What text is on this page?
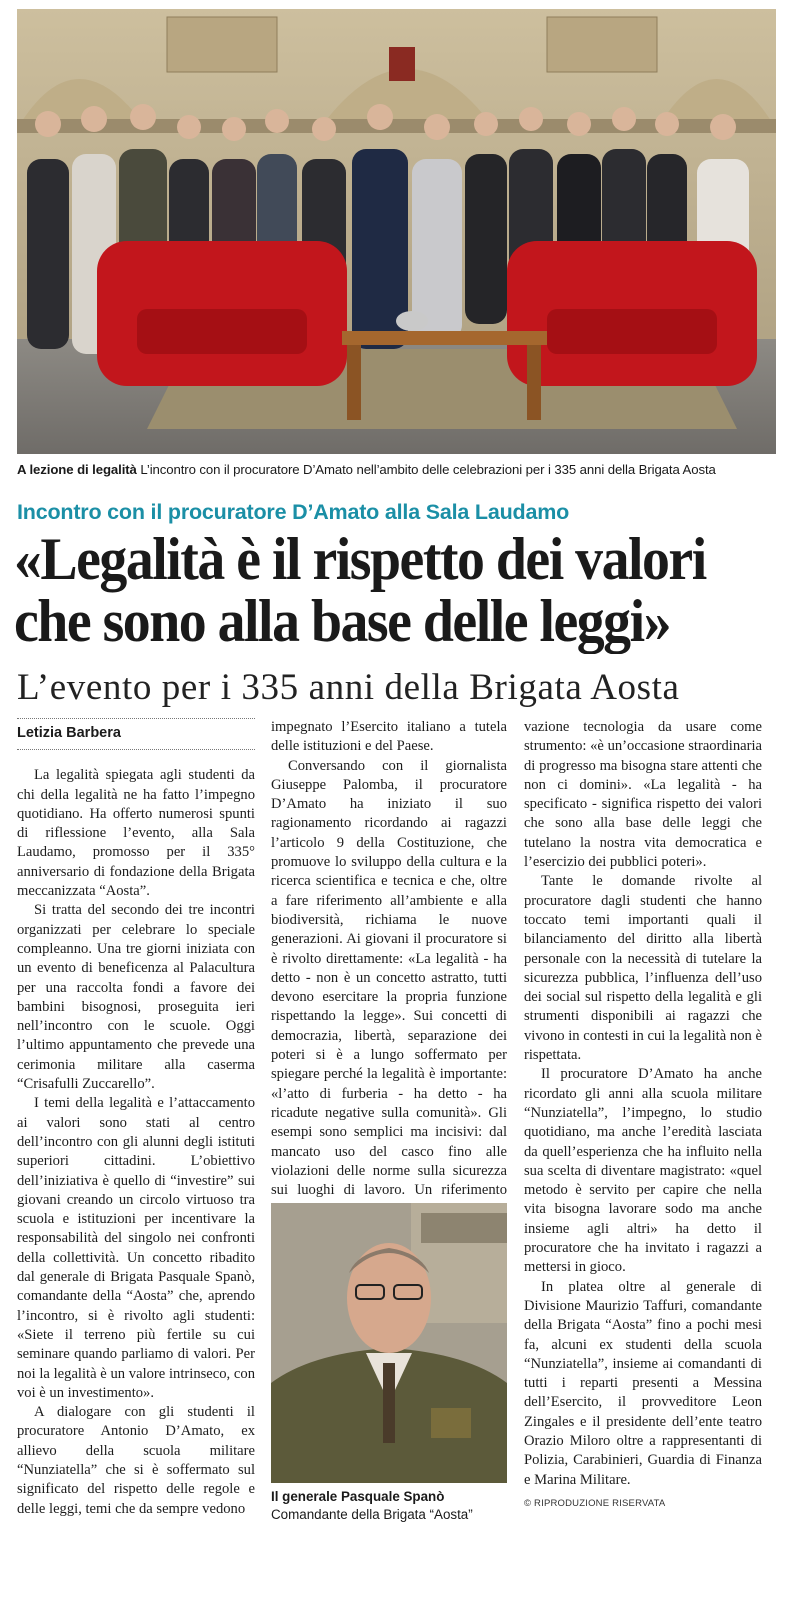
A lezione di legalità L’incontro con il procuratore D’Amato nell’ambito delle celebrazioni per i 335 anni della Brigata Aosta
Incontro con il procuratore D’Amato alla Sala Laudamo
«Legalità è il rispetto dei valori
che sono alla base delle leggi»
L’evento per i 335 anni della Brigata Aosta
Letizia Barbera

La legalità spiegata agli studenti da chi della legalità ne ha fatto l’impegno quotidiano. Ha offerto numerosi spunti di riflessione l’evento, alla Sala Laudamo, promosso per il 335° anniversario di fondazione della Brigata meccanizzata “Aosta”.

Si tratta del secondo dei tre incontri organizzati per celebrare lo speciale compleanno. Una tre giorni iniziata con un evento di beneficenza al Palacultura per una raccolta fondi a favore dei bambini bisognosi, proseguita ieri nell’incontro con le scuole. Oggi l’ultimo appuntamento che prevede una cerimonia militare alla caserma “Crisafulli Zuccarello”.

I temi della legalità e l’attaccamento ai valori sono stati al centro dell’incontro con gli alunni degli istituti superiori cittadini. L’obiettivo dell’iniziativa è quello di “investire” sui giovani creando un circolo virtuoso tra scuola e istituzioni per incentivare la responsabilità del singolo nei confronti della collettività. Un concetto ribadito dal generale di Brigata Pasquale Spanò, comandante della “Aosta” che, aprendo l’incontro, si è rivolto agli studenti: «Siete il terreno più fertile su cui seminare quando parliamo di valori. Per noi la legalità è un valore intrinseco, con voi è un investimento».

A dialogare con gli studenti il procuratore Antonio D’Amato, ex allievo della scuola militare “Nunziatella” che si è soffermato sul significato del rispetto delle regole e delle leggi, temi che da sempre vedono

impegnato l’Esercito italiano a tutela delle istituzioni e del Paese.

Conversando con il giornalista Giuseppe Palomba, il procuratore D’Amato ha iniziato il suo ragionamento ricordando ai ragazzi l’articolo 9 della Costituzione, che promuove lo sviluppo della cultura e la ricerca scientifica e tecnica e che, oltre a fare riferimento all’ambiente e alla biodiversità, richiama le nuove generazioni. Ai giovani il procuratore si è rivolto direttamente: «La legalità - ha detto - non è un concetto astratto, tutti devono esercitare la propria funzione rispettando la legge». Sui concetti di democrazia, libertà, separazione dei poteri si è a lungo soffermato per spiegare perché la legalità è importante: «l’atto di furberia - ha detto - ha ricadute negative sulla comunità». Gli esempi sono semplici ma incisivi: dal mancato uso del casco fino alle violazioni delle norme sulla sicurezza sui luoghi di lavoro. Un riferimento

Il generale Pasquale Spanò
Comandante della Brigata “Aosta”

vazione tecnologia da usare come strumento: «è un’occasione straordinaria di progresso ma bisogna stare attenti che non ci domini». «La legalità - ha specificato - significa rispetto dei valori che sono alla base delle leggi che tutelano la nostra vita democratica e l’esercizio dei pubblici poteri».

Tante le domande rivolte al procuratore dagli studenti che hanno toccato temi importanti quali il bilanciamento del diritto alla libertà personale con la necessità di tutelare la sicurezza pubblica, l’influenza dell’uso dei social sul rispetto della legalità e gli strumenti disponibili ai ragazzi che vivono in contesti in cui la legalità non è rispettata.

Il procuratore D’Amato ha anche ricordato gli anni alla scuola militare “Nunziatella”, l’impegno, lo studio quotidiano, ma anche l’eredità lasciata da quell’esperienza che ha influito nella sua scelta di diventare magistrato: «quel metodo è servito per capire che nella vita bisogna lavorare sodo ma anche insieme agli altri» ha detto il procuratore che ha invitato i ragazzi a mettersi in gioco.

In platea oltre al generale di Divisione Maurizio Taffuri, comandante della Brigata “Aosta” fino a pochi mesi fa, alcuni ex studenti della scuola “Nunziatella”, insieme ai comandanti di tutti i reparti presenti a Messina dell’Esercito, il provveditore Leon Zingales e il presidente dell’ente teatro Orazio Miloro oltre a rappresentanti di Polizia, Carabinieri, Guardia di Finanza e Marina Militare.

© RIPRODUZIONE RISERVATA
